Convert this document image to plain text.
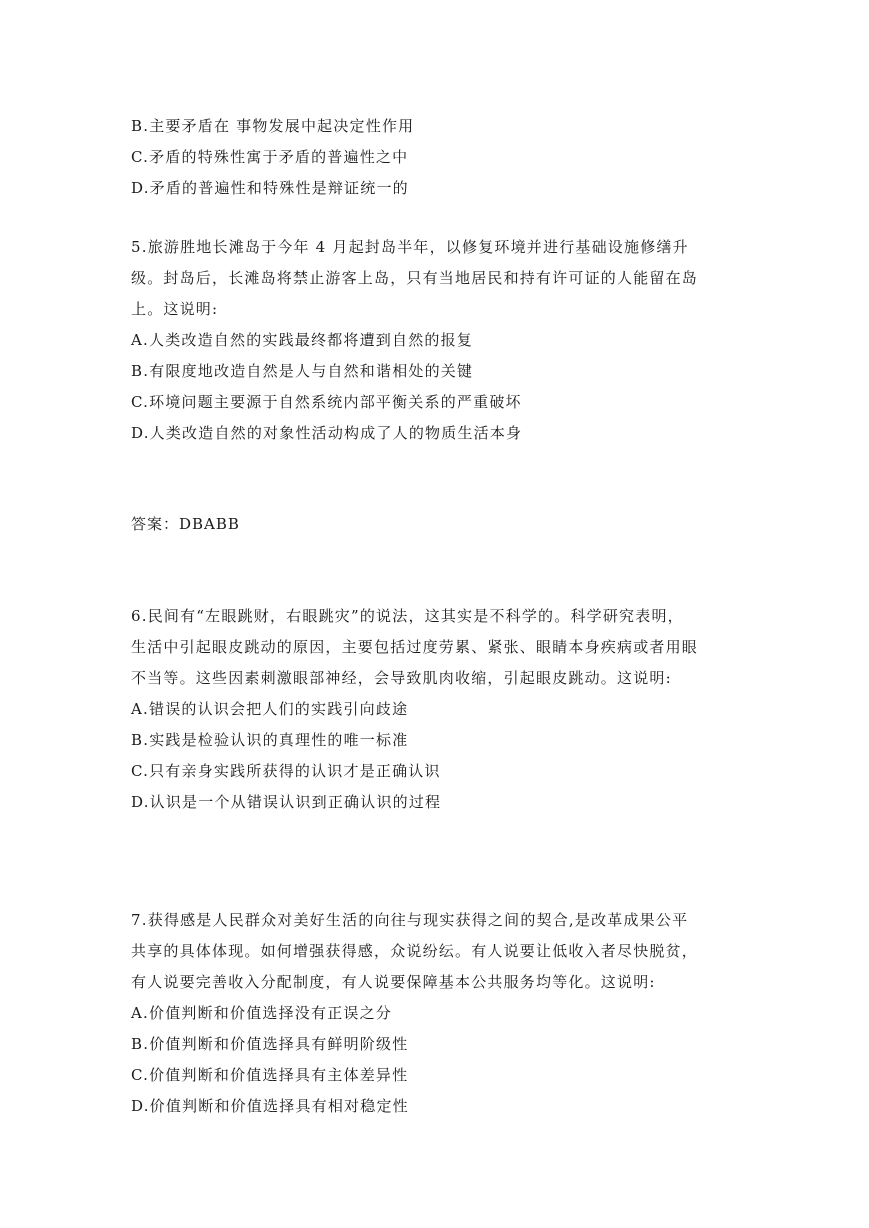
B.主要矛盾在 事物发展中起决定性作用
C.矛盾的特殊性寓于矛盾的普遍性之中
D.矛盾的普遍性和特殊性是辩证统一的
5.旅游胜地长滩岛于今年 4 月起封岛半年，以修复环境并进行基础设施修缮升
级。封岛后，长滩岛将禁止游客上岛，只有当地居民和持有许可证的人能留在岛
上。这说明:
A.人类改造自然的实践最终都将遭到自然的报复
B.有限度地改造自然是人与自然和谐相处的关键
C.环境问题主要源于自然系统内部平衡关系的严重破坏
D.人类改造自然的对象性活动构成了人的物质生活本身
答案：DBABB
6.民间有“左眼跳财，右眼跳灾”的说法，这其实是不科学的。科学研究表明，
生活中引起眼皮跳动的原因，主要包括过度劳累、紧张、眼睛本身疾病或者用眼
不当等。这些因素刺激眼部神经，会导致肌肉收缩，引起眼皮跳动。这说明:
A.错误的认识会把人们的实践引向歧途
B.实践是检验认识的真理性的唯一标准
C.只有亲身实践所获得的认识才是正确认识
D.认识是一个从错误认识到正确认识的过程
7.获得感是人民群众对美好生活的向往与现实获得之间的契合,是改革成果公平
共享的具体体现。如何增强获得感，众说纷纭。有人说要让低收入者尽快脱贫，
有人说要完善收入分配制度，有人说要保障基本公共服务均等化。这说明:
A.价值判断和价值选择没有正误之分
B.价值判断和价值选择具有鲜明阶级性
C.价值判断和价值选择具有主体差异性
D.价值判断和价值选择具有相对稳定性
